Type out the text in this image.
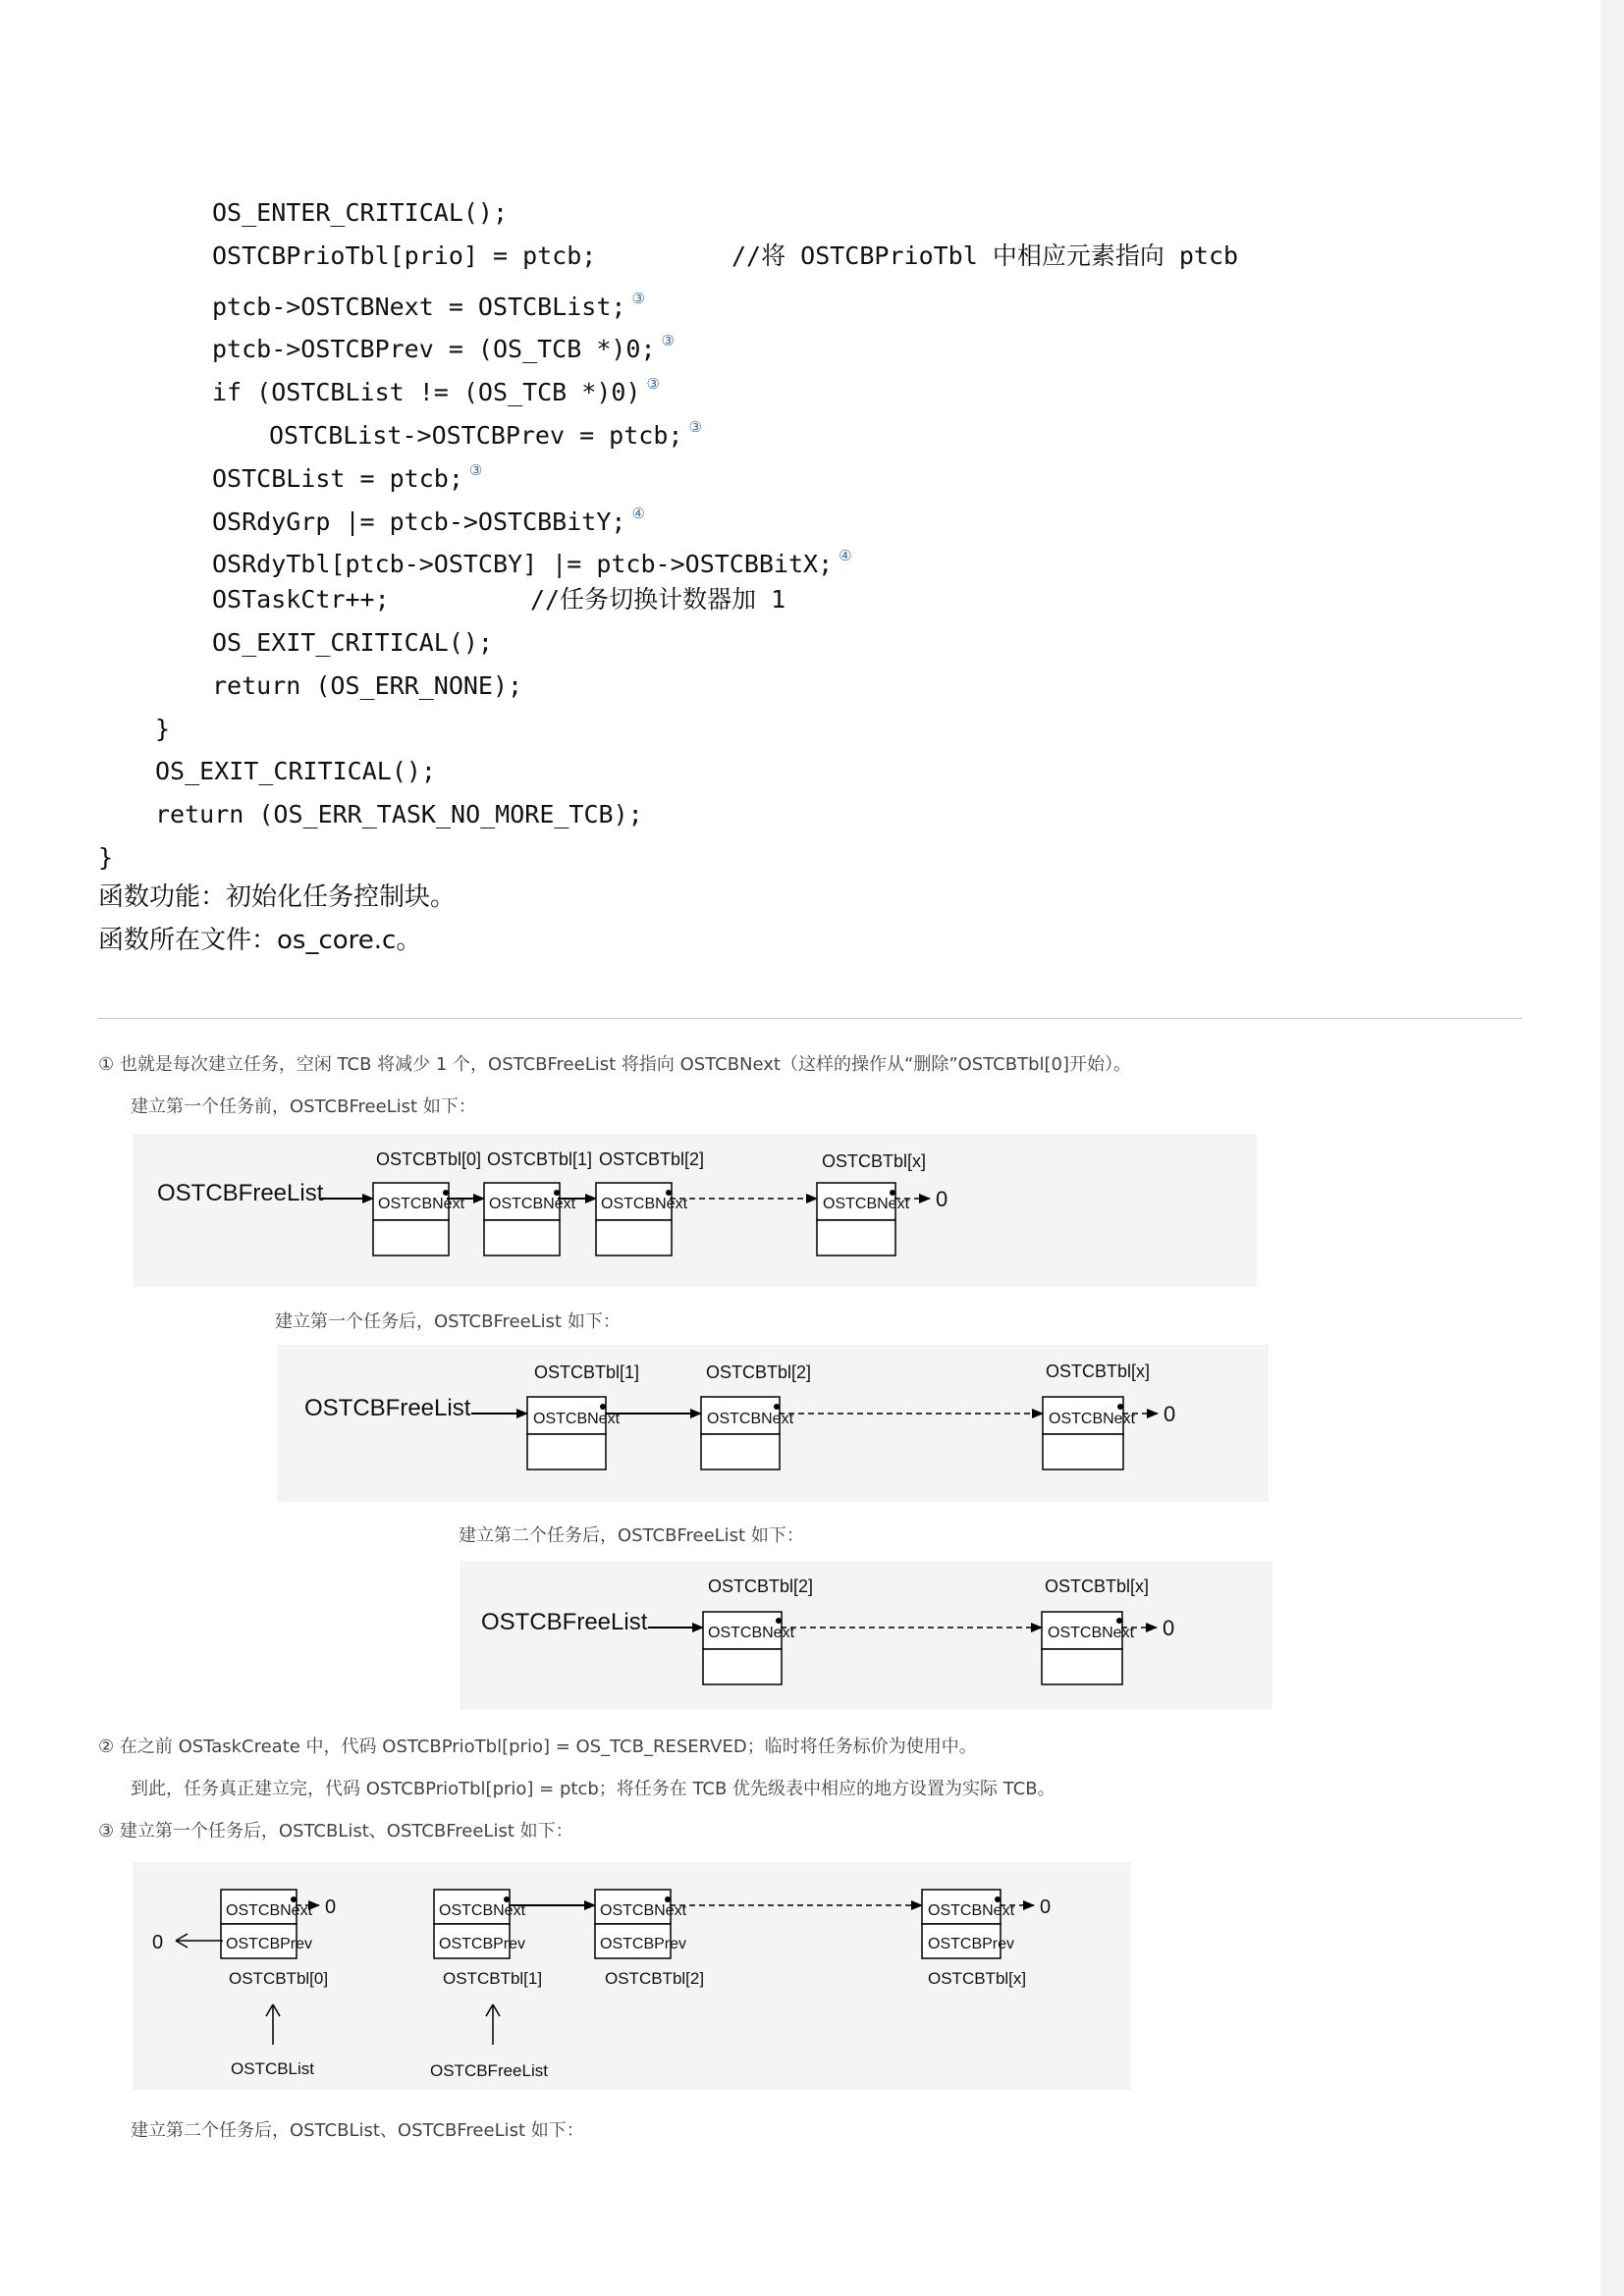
OS_ENTER_CRITICAL();
OSTCBPrioTbl[prio] = ptcb;	//将 OSTCBPrioTbl 中相应元素指向 ptcb
ptcb->OSTCBNext = OSTCBList; ③
ptcb->OSTCBPrev = (OS_TCB *)0; ③
if (OSTCBList != (OS_TCB *)0) ③
OSTCBList->OSTCBPrev = ptcb; ③
OSTCBList = ptcb; ③
OSRdyGrp |= ptcb->OSTCBBitY; ④
OSRdyTbl[ptcb->OSTCBY] |= ptcb->OSTCBBitX; ④
OSTaskCtr++;	//任务切换计数器加 1
OS_EXIT_CRITICAL();
return (OS_ERR_NONE);
}
OS_EXIT_CRITICAL();
return (OS_ERR_TASK_NO_MORE_TCB);
}
函数功能：初始化任务控制块。
函数所在文件：os_core.c。
① 也就是每次建立任务，空闲 TCB 将减少 1 个，OSTCBFreeList 将指向 OSTCBNext（这样的操作从“删除”OSTCBTbl[0]开始）。
建立第一个任务前，OSTCBFreeList 如下：
OSTCBFreeList	OSTCBNext OSTCBNext OSTCBNext	OSTCBNext 0
OSTCBTbl[0] OSTCBTbl[1] OSTCBTbl[2]	OSTCBTbl[x]
建立第一个任务后，OSTCBFreeList 如下：
OSTCBFreeList	OSTCBNext	OSTCBNext	OSTCBNext 0
OSTCBTbl[1]	OSTCBTbl[2]	OSTCBTbl[x]
建立第二个任务后，OSTCBFreeList 如下：
OSTCBFreeList	OSTCBNext	OSTCBNext 0
OSTCBTbl[2]	OSTCBTbl[x]
② 在之前 OSTaskCreate 中，代码 OSTCBPrioTbl[prio] = OS_TCB_RESERVED；临时将任务标价为使用中。
到此，任务真正建立完，代码 OSTCBPrioTbl[prio] = ptcb；将任务在 TCB 优先级表中相应的地方设置为实际 TCB。
③ 建立第一个任务后，OSTCBList、OSTCBFreeList 如下：
OSTCBNext
OSTCBPrev
0
0
OSTCBTbl[0]
OSTCBNext
OSTCBPrev
OSTCBTbl[1]
OSTCBNext
OSTCBPrev
OSTCBTbl[2]
OSTCBNext
OSTCBPrev
0
OSTCBTbl[x]
OSTCBList	OSTCBFreeList
建立第二个任务后，OSTCBList、OSTCBFreeList 如下：
